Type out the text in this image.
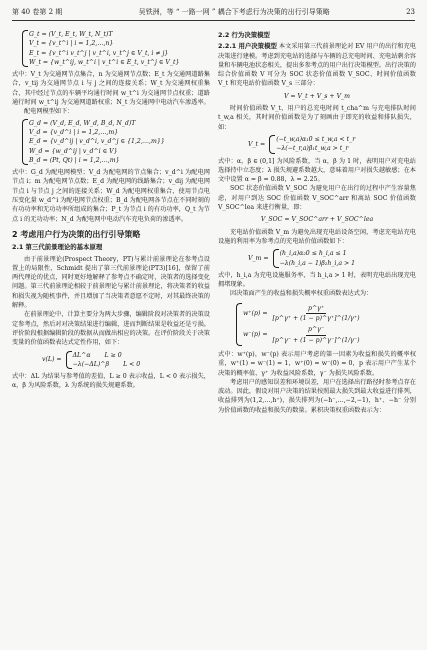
第 40 卷第 2 期	吴铁洲，等 “ 一路一网 ” 耦合下考虑行为决策的出行引导策略	23
G_t = (V_t, E_t, W_t, N_t)T
V_t = {v_t^i | i = 1,2,…,n}
E_t = {v_t^i v_t^j | v_t^i, v_t^j ∈ V_t, i ≠ j}
W_t = {w_t^ij, w_t^i | v_t^i ∈ E_t, v_t^j ∈ V_t}

式中：V_t 为交通网节点集合，n 为交通网节点数；E_t 为交通网道路集合，v_tij 为交通网节点 i 与 j 之间的连接关系；W_t 为交通网权重集合，其中经过节点的车辆平均通行时间 w_t^i 为交通网节点权重；道路通行时间 w_t^ij 为交通网道路权重；N_t 为交通网中电动汽车渗透率。

配电网模型如下：

G_d = (V_d, E_d, W_d, B_d, N_d)T
V_d = {v_d^i | i = 1,2,…,m}
E_d = {v_d^ij | v_d^i, v_d^j ∈ {1,2,…,m}}
W_d = {w_d^ij | v_d^i ∈ V}
B_d = (Pt, Qt) | i = 1,2,…,m}

式中：G_d 为配电网模型；V_d 为配电网的节点集合；v_d^i 为配电网节点 i；m 为配电网节点数；E_d 为配电网的线路集合；v_dij 为配电网节点 i 与节点 j 之间的连接关系；W_d 为配电网权重集合，使用节点电压变化量 w_d^i 为配电网节点权重；B_d 为配电网各节点在不同时刻的有功功率和无功功率所组成的集合；P_t 为节点 i 的有功功率，Q_t 为节点 i 的无功功率；N_d 为配电网中电动汽车充电负荷的渗透率。

2 考虑用户行为决策的出行引导策略
2.1 第三代前景理论的基本原理

由于前景理论(Prospect Theory，PT)与累计前景理论在参考点设置上的局限性，Schmidt 提出了第三代前景理论(PT3)[16]，保留了前两代理论的优点，同时更好地解释了参考点不确定时，决策者的选择变化问题。第三代前景理论相较于前景理论与累计前景理论，将决策者的收益和损失视为随机事件，并且增加了当决策者意愿不定时，对其最终决策的解释。

在前景理论中，计算主要分为两大步骤，编辑阶段对决策者的决策设定参考点，然后对对决策结果进行编辑，进而判断结果是收益还是亏损。评价阶段根据编辑阶段的数据从而做出相应的决策。在评价阶段关于决策变量的价值函数表达式定性作用，如下：

v(L) =
ΔL^α L ≥ 0
−λ(−ΔL)^β L < 0

式中：ΔL 为结果与参考值的差值，L ≥ 0 表示收益，L < 0 表示损失，α，β 为风险系数，λ 为系统的损失规避系数。

2.2 行为决策模型

2.2.1 用户决策模型 本文采用第三代前景理论对 EV 用户的出行和充电决策进行建模。考虑到充电站的选择与车辆的总充电时间、充电站剩余容量和车辆电池状态相关，提出多参考点的用户出行决策模型。出行决策的综合价值函数 V 可分为 SOC 状态价值函数 V_SOC、时间价值函数 V_t 和充电站价值函数 V_s 三部分：

V = V_t + V_s + V_m

时间价值函数 V_t，用户的总充电时间 t_cha^m 与充电排队时间 t_w,a 相关，其时间价值函数是为了刻画由于即充的收益和排队损失，如：

V_t =
(−t_w,a)α₁0 ≤ t_w,a < t_r
−λ(−t_r,a)β₁t_w,a > t_r

式中：α，β ∈ (0,1] 为风险系数，当 α，β 为 1 时，表明用户对充电站选择持中立态度；λ 损失规避系数越大，意味着用户对损失越敏感；在本文中设置 α = β = 0.88，λ = 2.25。

SOC 状态价值函数 V_SOC 为避免用户在出行的过程中产生容量焦虑，对用户到达 SOC 价值函数 V_SOC^arr 和离站 SOC 价值函数 V_SOC^lea 来进行衡量，即：

V_SOC = V_SOC^arr + V_SOC^lea

充电站价值函数 V_m 为避免出现充电站设备空闲，考虑充电站充电设施的利用率为参考点的充电站价值函数如下：

V_m =
(h_i,a)α₂0 ≤ h_i,a ≤ 1
−λ(h_i,a − 1)β₂h_i,a > 1

式中，h_i,a 为充电设施服务率，当 h_i,a > 1 时，表明充电站出现充电拥堵现象。

因决策面产生的收益和损失概率权重函数表达式为：

$w^+(p) = \frac{p\^{}\gamma^+}{[p\^{}\gamma^+ + (1 - p)\^{}\gamma^+]\^{}(1/\gamma^+)}$
$w^-(p) = \frac{p\^{}\gamma^-}{[p\^{}\gamma^- + (1 - p)\^{}\gamma^-]\^{}(1/\gamma^-)}$

式中：w⁺(p)，w⁻(p) 表示用户考虑的第一因素为收益和损失的概率权重，w⁺(1) = w⁻(1) = 1，w⁺(0) = w⁻(0) = 0，p 表示用户产生某个决策的概率值，γ⁺ 为收益风险系数，γ⁻ 为损失风险系数。

考虑用户的感知误差和环境误差，用户在选择出行路径时参考点存在波动。因此，假设对用户决策的结果按照最大损失到最大收益进行排列，收益排列为(1,2,…,h⁺)，损失排列为(−h⁻,…,−2,−1)，h⁺、−h⁻ 分别为价值函数的收益和损失的数量。累积决策权重函数表示为：
